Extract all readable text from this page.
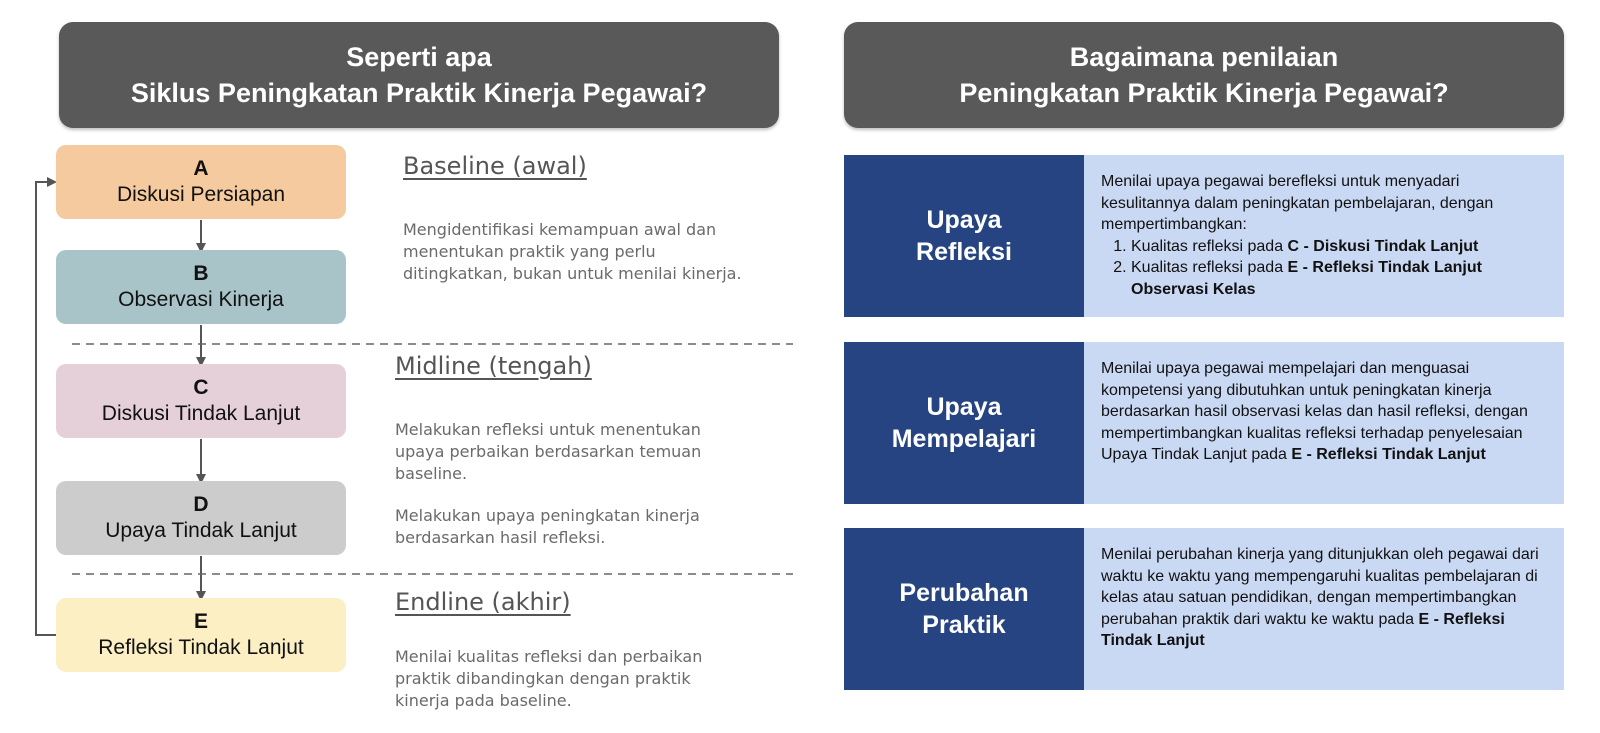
Seperti apa
Siklus Peningkatan Praktik Kinerja Pegawai?
Bagaimana penilaian
Peningkatan Praktik Kinerja Pegawai?
A
Diskusi Persiapan
B
Observasi Kinerja
C
Diskusi Tindak Lanjut
D
Upaya Tindak Lanjut
E
Refleksi Tindak Lanjut
Baseline (awal)
Mengidentifikasi kemampuan awal dan menentukan praktik yang perlu ditingkatkan, bukan untuk menilai kinerja.
Midline (tengah)
Melakukan refleksi untuk menentukan upaya perbaikan berdasarkan temuan baseline.
Melakukan upaya peningkatan kinerja berdasarkan hasil refleksi.
Endline (akhir)
Menilai kualitas refleksi dan perbaikan praktik dibandingkan dengan praktik kinerja pada baseline.
Upaya
Refleksi
Menilai upaya pegawai berefleksi untuk menyadari kesulitannya dalam peningkatan pembelajaran, dengan mempertimbangkan:
1. Kualitas refleksi pada C - Diskusi Tindak Lanjut
2. Kualitas refleksi pada E - Refleksi Tindak Lanjut Observasi Kelas
Upaya
Mempelajari
Menilai upaya pegawai mempelajari dan menguasai kompetensi yang dibutuhkan untuk peningkatan kinerja berdasarkan hasil observasi kelas dan hasil refleksi, dengan mempertimbangkan kualitas refleksi terhadap penyelesaian Upaya Tindak Lanjut pada E - Refleksi Tindak Lanjut
Perubahan
Praktik
Menilai perubahan kinerja yang ditunjukkan oleh pegawai dari waktu ke waktu yang mempengaruhi kualitas pembelajaran di kelas atau satuan pendidikan, dengan mempertimbangkan perubahan praktik dari waktu ke waktu pada E - Refleksi Tindak Lanjut
